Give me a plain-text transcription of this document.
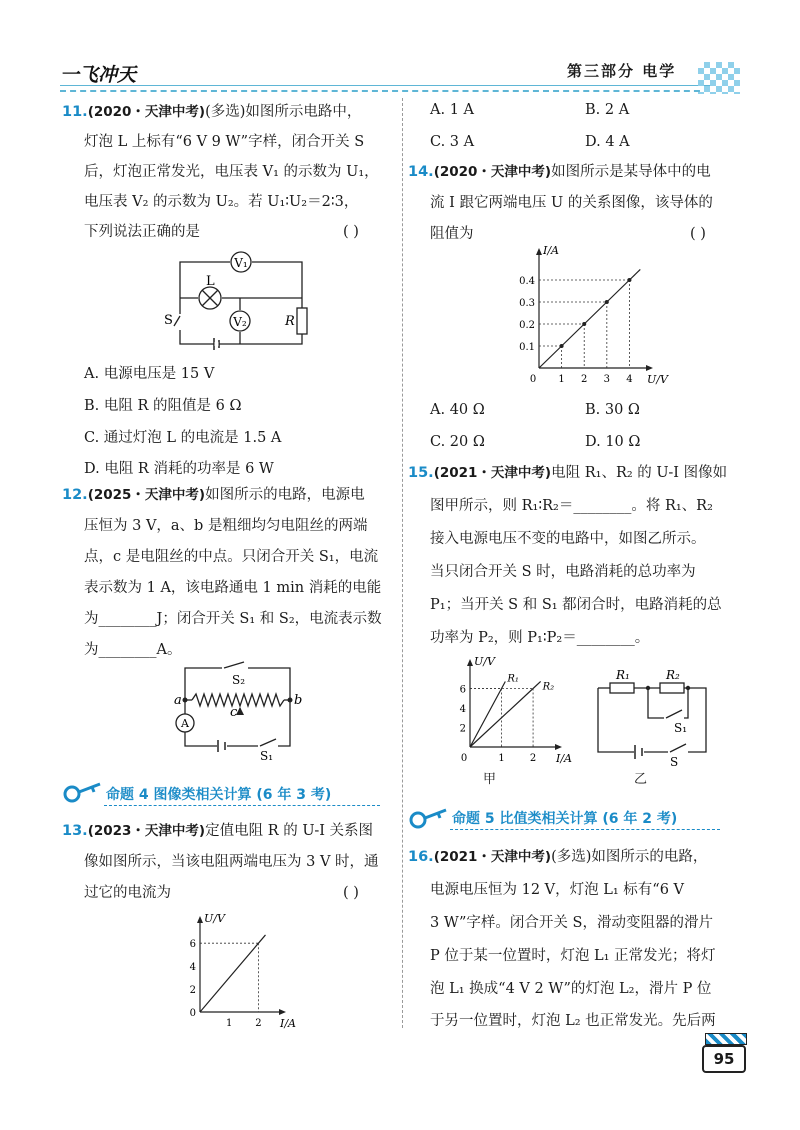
一飞冲天	第三部分 电学
11.(2020・天津中考)(多选)如图所示电路中，
灯泡 L 上标有“6 V 9 W”字样，闭合开关 S
后，灯泡正常发光，电压表 V₁ 的示数为 U₁，
电压表 V₂ 的示数为 U₂。若 U₁∶U₂＝2∶3，
下列说法正确的是	( )
V₁
L
V₂
S	R
A. 电源电压是 15 V
B. 电阻 R 的阻值是 6 Ω
C. 通过灯泡 L 的电流是 1.5 A
D. 电阻 R 消耗的功率是 6 W
12.(2025・天津中考)如图所示的电路，电源电
压恒为 3 V，a、b 是粗细均匀电阻丝的两端
点，c 是电阻丝的中点。只闭合开关 S₁，电流
表示数为 1 A，该电路通电 1 min 消耗的电能
为________J；闭合开关 S₁ 和 S₂，电流表示数
为________A。
A
S₂
S₁
a	b
c
命题 4 图像类相关计算 (6 年 3 考)
13.(2023・天津中考)定值电阻 R 的 U-I 关系图
像如图所示，当该电阻两端电压为 3 V 时，通
过它的电流为	( )
I/A
U/V
1 2
0
2
4
6
A. 1 A	B. 2 A
C. 3 A	D. 4 A
14.(2020・天津中考)如图所示是某导体中的电
流 I 跟它两端电压 U 的关系图像，该导体的
阻值为	( )
U/V
I/A
0 1 2 3 4
0.1
0.2
0.3
0.4
A. 40 Ω	B. 30 Ω
C. 20 Ω	D. 10 Ω
15.(2021・天津中考)电阻 R₁、R₂ 的 U-I 图像如
图甲所示，则 R₁∶R₂＝________。将 R₁、R₂
接入电源电压不变的电路中，如图乙所示。
当只闭合开关 S 时，电路消耗的总功率为
P₁；当开关 S 和 S₁ 都闭合时，电路消耗的总
功率为 P₂，则 P₁∶P₂＝________。
I/A
U/V
0	1	2
2
4
6
R₁
R₂
甲
R₁	R₂
S₁
S
乙
命题 5 比值类相关计算 (6 年 2 考)
16.(2021・天津中考)(多选)如图所示的电路，
电源电压恒为 12 V，灯泡 L₁ 标有“6 V
3 W”字样。闭合开关 S，滑动变阻器的滑片
P 位于某一位置时，灯泡 L₁ 正常发光；将灯
泡 L₁ 换成“4 V 2 W”的灯泡 L₂，滑片 P 位
于另一位置时，灯泡 L₂ 也正常发光。先后两
95
